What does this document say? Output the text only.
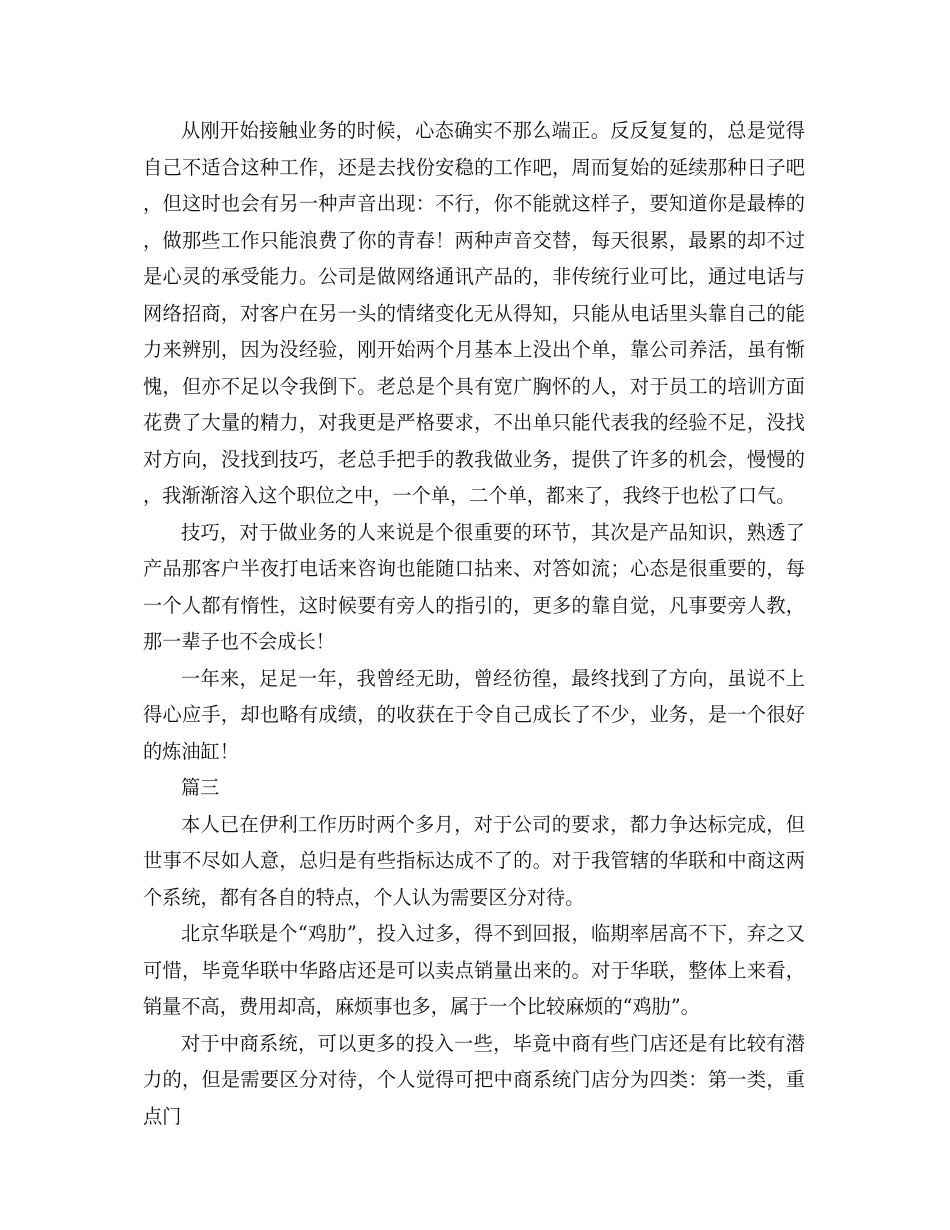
从刚开始接触业务的时候，心态确实不那么端正。反反复复的，总是觉得自己不适合这种工作，还是去找份安稳的工作吧，周而复始的延续那种日子吧，但这时也会有另一种声音出现：不行，你不能就这样子，要知道你是最棒的，做那些工作只能浪费了你的青春！两种声音交替，每天很累，最累的却不过是心灵的承受能力。公司是做网络通讯产品的，非传统行业可比，通过电话与网络招商，对客户在另一头的情绪变化无从得知，只能从电话里头靠自己的能力来辨别，因为没经验，刚开始两个月基本上没出个单，靠公司养活，虽有惭愧，但亦不足以令我倒下。老总是个具有宽广胸怀的人，对于员工的培训方面花费了大量的精力，对我更是严格要求，不出单只能代表我的经验不足，没找对方向，没找到技巧，老总手把手的教我做业务，提供了许多的机会，慢慢的，我渐渐溶入这个职位之中，一个单，二个单，都来了，我终于也松了口气。

技巧，对于做业务的人来说是个很重要的环节，其次是产品知识，熟透了产品那客户半夜打电话来咨询也能随口拈来、对答如流；心态是很重要的，每一个人都有惰性，这时候要有旁人的指引的，更多的靠自觉，凡事要旁人教，那一辈子也不会成长！

一年来，足足一年，我曾经无助，曾经彷徨，最终找到了方向，虽说不上得心应手，却也略有成绩，的收获在于令自己成长了不少，业务，是一个很好的炼油缸！

篇三

本人已在伊利工作历时两个多月，对于公司的要求，都力争达标完成，但世事不尽如人意，总归是有些指标达成不了的。对于我管辖的华联和中商这两个系统，都有各自的特点，个人认为需要区分对待。

北京华联是个“鸡肋”，投入过多，得不到回报，临期率居高不下，弃之又可惜，毕竟华联中华路店还是可以卖点销量出来的。对于华联，整体上来看，销量不高，费用却高，麻烦事也多，属于一个比较麻烦的“鸡肋”。

对于中商系统，可以更多的投入一些，毕竟中商有些门店还是有比较有潜力的，但是需要区分对待，个人觉得可把中商系统门店分为四类：第一类，重点门
